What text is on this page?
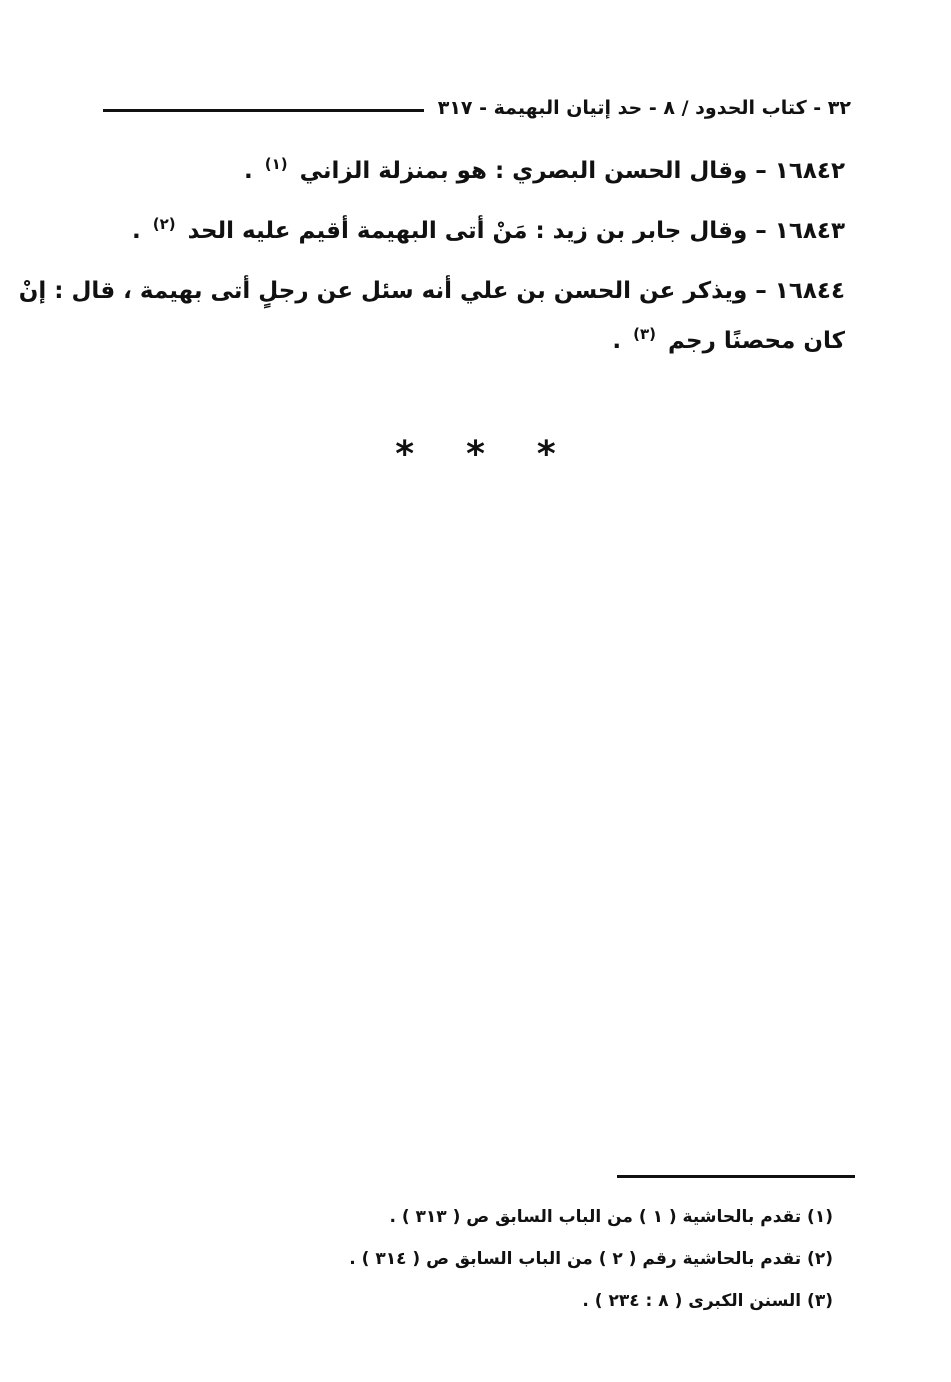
٣٢ - كتاب الحدود / ٨ - حد إتيان البهيمة - ٣١٧
١٦٨٤٢–وقال الحسن البصري : هو بمنزلة الزاني $^{(١)}$ .
١٦٨٤٣–وقال جابر بن زيد : مَنْ أتى البهيمة أقيم عليه الحد $^{(٢)}$ .
١٦٨٤٤–ويذكر عن الحسن بن علي أنه سئل عن رجلٍ أتى بهيمة ، قال : إنْ
كان محصنًا رجم $^{(٣)}$ .
* * *
(١) تقدم بالحاشية ( ١ ) من الباب السابق ص ( ٣١٣ ) .
(٢) تقدم بالحاشية رقم ( ٢ ) من الباب السابق ص ( ٣١٤ ) .
(٣) السنن الكبرى ( ٨ : ٢٣٤ ) .
